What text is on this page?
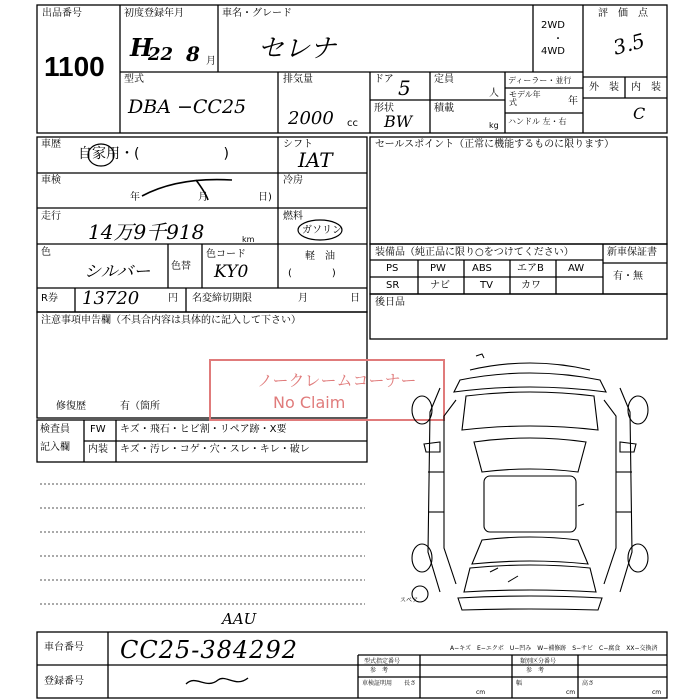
出品番号
1100
初度登録年月
H
22 8 月
車名・グレード
セレナ
2WD
・
4WD
評　価　点
3.5
外　装 内　装
C
型式
DBA −CC25
排気量
2000 cc
ドア 5 定員
人
形状
BW
積載
kg
ディーラー・並行
モデル年式	年
ハンドル 左・右
車歴
自家用・(　　　　　　)
シフト
IAT
車検
年	月	日)
冷房
走行
14万9千918	km
燃料
ガソリン
軽　油
(　　　　)
色
シルバー 色替
色コード
KY0
R券 13720	円 名変締切期限	月	日
セールスポイント（正常に機能するものに限ります）
装備品（純正品に限り○をつけてください）
PS	PW	ABS	エアB AW
SR	ナビ	TV	カワ
新車保証書
有・無
後日品
注意事項申告欄（不具合内容は具体的に記入して下さい）
修復歴	有（箇所
ノークレームコーナー
No Claim
検査員
記入欄
FW キズ・飛石・ヒビ割・リペア跡・X要
内装 キズ・汚レ・コゲ・穴・スレ・キレ・破レ
スペア
AAU
車台番号 CC25-384292
登録番号
A−キズ　E−エクボ　U−凹み　W−補修跡　S−サビ　C−腐食　XX−交換済
型式指定番号	類別区分番号
参　考	参　考
車検証明用 長さ
cm
幅
cm
高さ
cm
